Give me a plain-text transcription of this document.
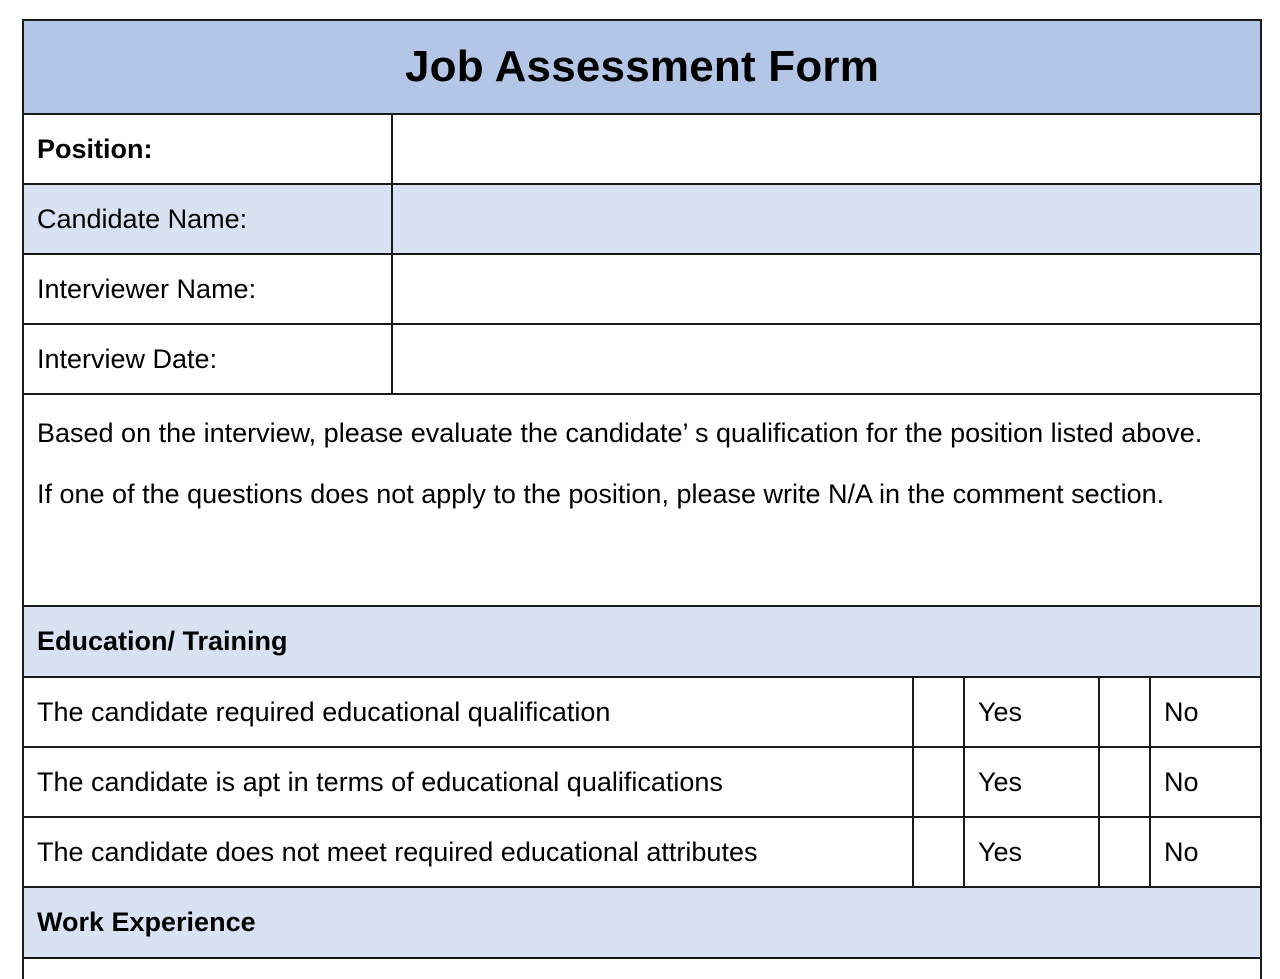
Job Assessment Form
Position:
Candidate Name:
Interviewer Name:
Interview Date:
Based on the interview, please evaluate the candidate’ s qualification for the position listed above. If one of the questions does not apply to the position, please write N/A in the comment section.
Education/ Training
The candidate required educational qualification	Yes	No
The candidate is apt in terms of educational qualifications	Yes	No
The candidate does not meet required educational attributes	Yes	No
Work Experience
